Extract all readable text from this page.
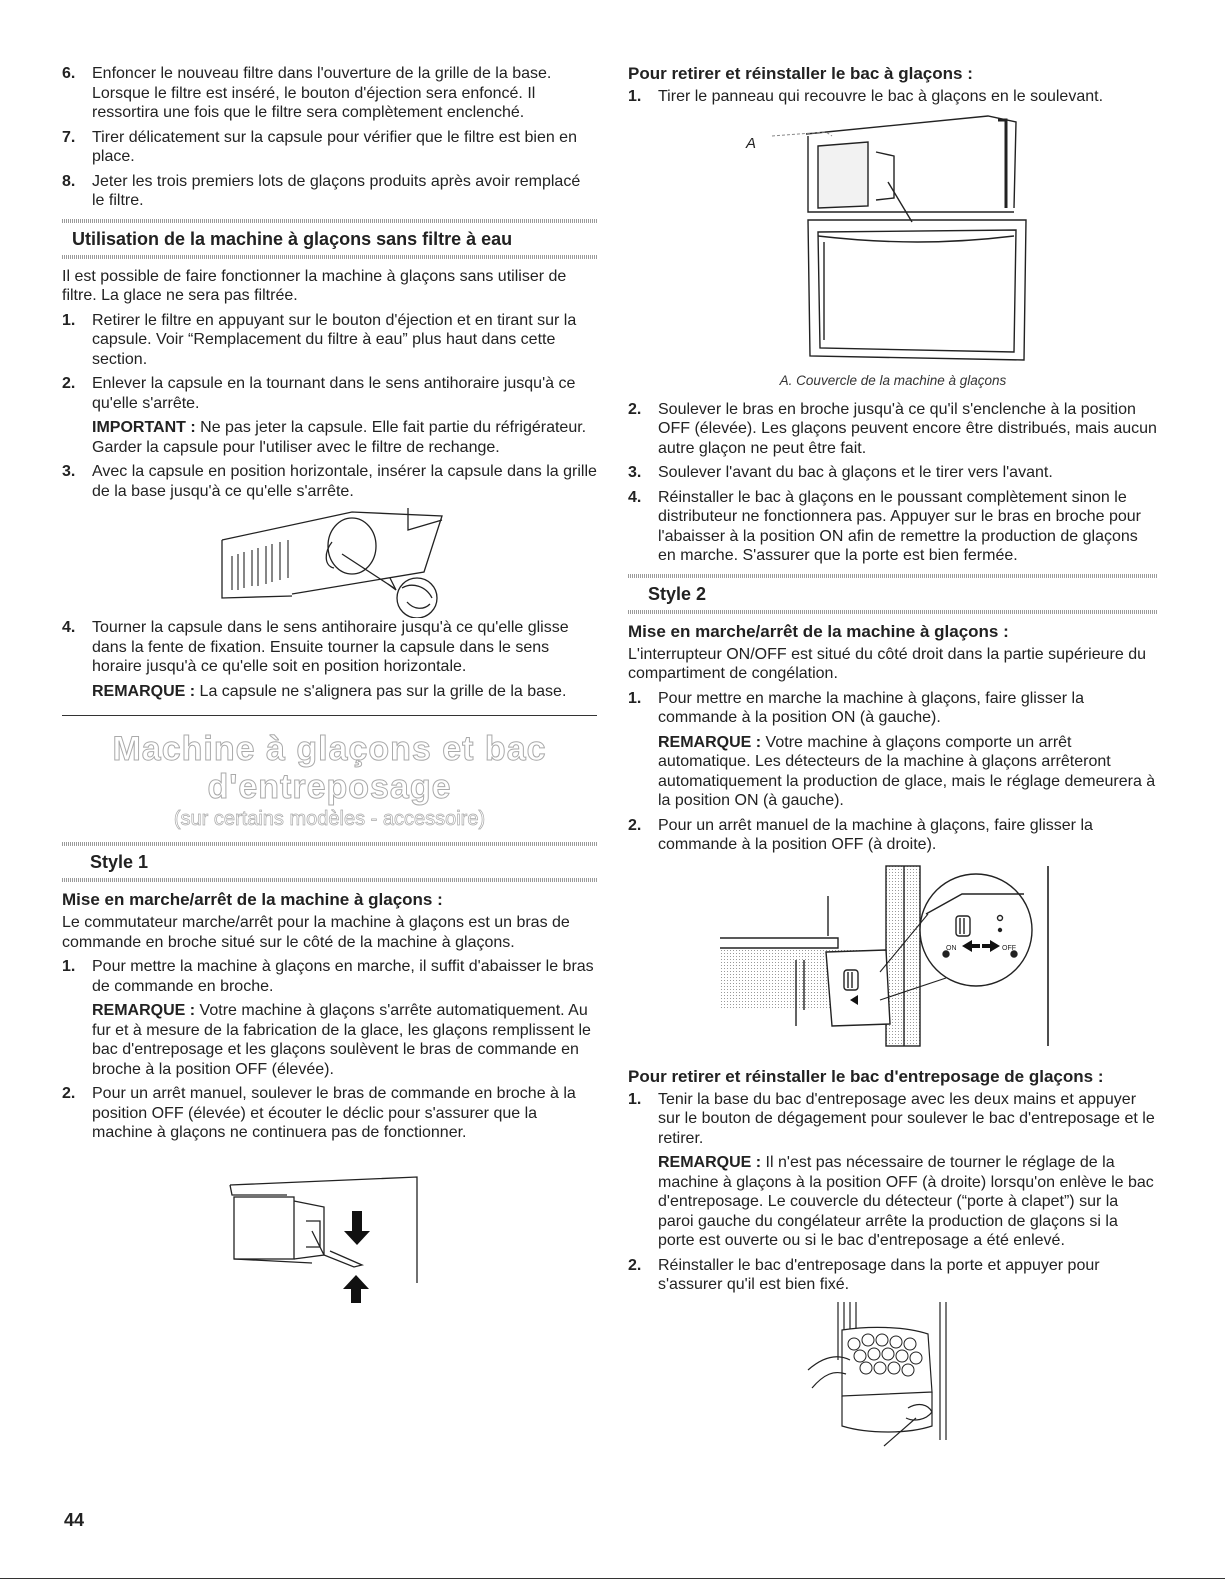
6. Enfoncer le nouveau filtre dans l'ouverture de la grille de la base. Lorsque le filtre est inséré, le bouton d'éjection sera enfoncé. Il ressortira une fois que le filtre sera complètement enclenché.
7. Tirer délicatement sur la capsule pour vérifier que le filtre est bien en place.
8. Jeter les trois premiers lots de glaçons produits après avoir remplacé le filtre.
Utilisation de la machine à glaçons sans filtre à eau

Il est possible de faire fonctionner la machine à glaçons sans utiliser de filtre. La glace ne sera pas filtrée.

1. Retirer le filtre en appuyant sur le bouton d'éjection et en tirant sur la capsule. Voir “Remplacement du filtre à eau” plus haut dans cette section.
2. Enlever la capsule en la tournant dans le sens antihoraire jusqu'à ce qu'elle s'arrête.

IMPORTANT : Ne pas jeter la capsule. Elle fait partie du réfrigérateur. Garder la capsule pour l'utiliser avec le filtre de rechange.

3. Avec la capsule en position horizontale, insérer la capsule dans la grille de la base jusqu'à ce qu'elle s'arrête.
4. Tourner la capsule dans le sens antihoraire jusqu'à ce qu'elle glisse dans la fente de fixation. Ensuite tourner la capsule dans le sens horaire jusqu'à ce qu'elle soit en position horizontale.

REMARQUE : La capsule ne s'alignera pas sur la grille de la base.

Machine à glaçons et bac
d'entreposage
(sur certains modèles - accessoire)
Style 1
Mise en marche/arrêt de la machine à glaçons :

Le commutateur marche/arrêt pour la machine à glaçons est un bras de commande en broche situé sur le côté de la machine à glaçons.

1. Pour mettre la machine à glaçons en marche, il suffit d'abaisser le bras de commande en broche.

REMARQUE : Votre machine à glaçons s'arrête automatiquement. Au fur et à mesure de la fabrication de la glace, les glaçons remplissent le bac d'entreposage et les glaçons soulèvent le bras de commande en broche à la position OFF (élevée).

2. Pour un arrêt manuel, soulever le bras de commande en broche à la position OFF (élevée) et écouter le déclic pour s'assurer que la machine à glaçons ne continuera pas de fonctionner.
Pour retirer et réinstaller le bac à glaçons :
1. Tirer le panneau qui recouvre le bac à glaçons en le soulevant.
A
A. Couvercle de la machine à glaçons
2. Soulever le bras en broche jusqu'à ce qu'il s'enclenche à la position OFF (élevée). Les glaçons peuvent encore être distribués, mais aucun autre glaçon ne peut être fait.
3. Soulever l'avant du bac à glaçons et le tirer vers l'avant.
4. Réinstaller le bac à glaçons en le poussant complètement sinon le distributeur ne fonctionnera pas. Appuyer sur le bras en broche pour l'abaisser à la position ON afin de remettre la production de glaçons en marche. S'assurer que la porte est bien fermée.
Style 2
Mise en marche/arrêt de la machine à glaçons :

L'interrupteur ON/OFF est situé du côté droit dans la partie supérieure du compartiment de congélation.

1. Pour mettre en marche la machine à glaçons, faire glisser la commande à la position ON (à gauche).

REMARQUE : Votre machine à glaçons comporte un arrêt automatique. Les détecteurs de la machine à glaçons arrêteront automatiquement la production de glace, mais le réglage demeurera à la position ON (à gauche).

2. Pour un arrêt manuel de la machine à glaçons, faire glisser la commande à la position OFF (à droite).
ON	OFF
Pour retirer et réinstaller le bac d'entreposage de glaçons :
1. Tenir la base du bac d'entreposage avec les deux mains et appuyer sur le bouton de dégagement pour soulever le bac d'entreposage et le retirer.

REMARQUE : Il n'est pas nécessaire de tourner le réglage de la machine à glaçons à la position OFF (à droite) lorsqu'on enlève le bac d'entreposage. Le couvercle du détecteur (“porte à clapet”) sur la paroi gauche du congélateur arrête la production de glaçons si la porte est ouverte ou si le bac d'entreposage a été enlevé.

2. Réinstaller le bac d'entreposage dans la porte et appuyer pour s'assurer qu'il est bien fixé.
44
